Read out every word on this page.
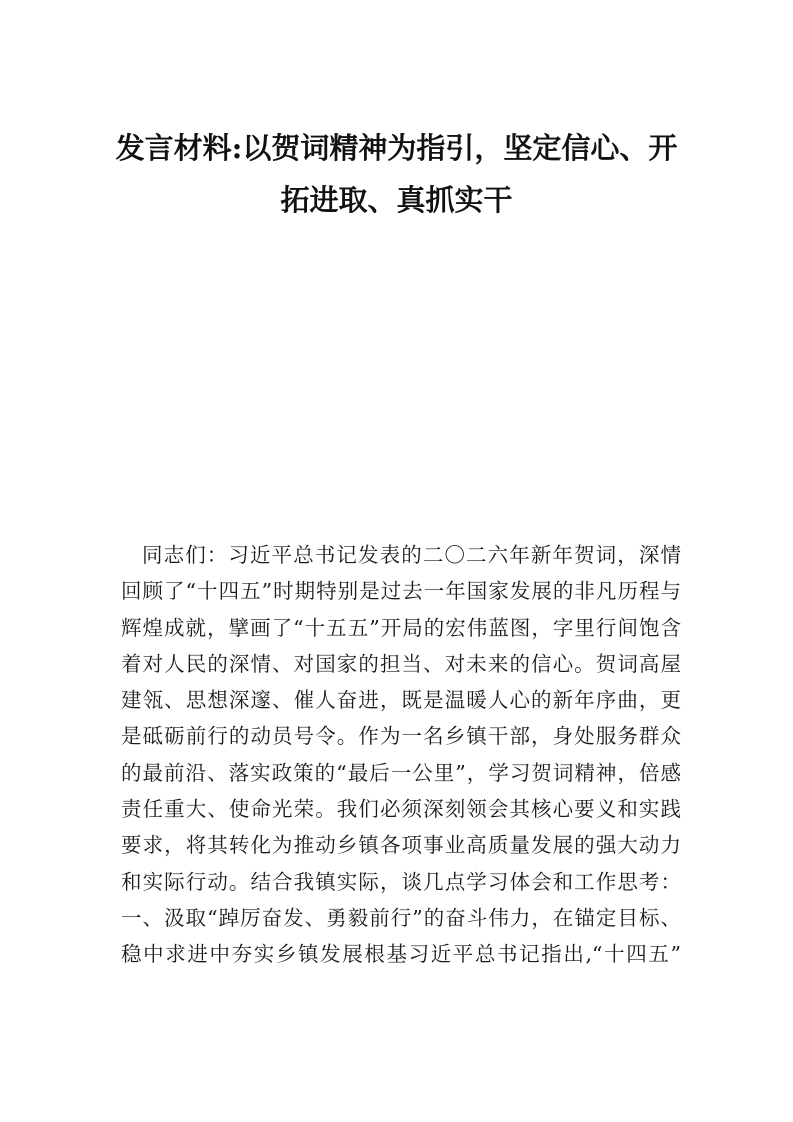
发言材料:以贺词精神为指引，坚定信心、开
拓进取、真抓实干
同志们：习近平总书记发表的二〇二六年新年贺词，深情
回顾了“十四五”时期特别是过去一年国家发展的非凡历程与
辉煌成就，擘画了“十五五”开局的宏伟蓝图，字里行间饱含
着对人民的深情、对国家的担当、对未来的信心。贺词高屋
建瓴、思想深邃、催人奋进，既是温暖人心的新年序曲，更
是砥砺前行的动员号令。作为一名乡镇干部，身处服务群众
的最前沿、落实政策的“最后一公里”，学习贺词精神，倍感
责任重大、使命光荣。我们必须深刻领会其核心要义和实践
要求，将其转化为推动乡镇各项事业高质量发展的强大动力
和实际行动。结合我镇实际，谈几点学习体会和工作思考：
一、汲取“踔厉奋发、勇毅前行”的奋斗伟力，在锚定目标、
稳中求进中夯实乡镇发展根基习近平总书记指出,“十四五”
